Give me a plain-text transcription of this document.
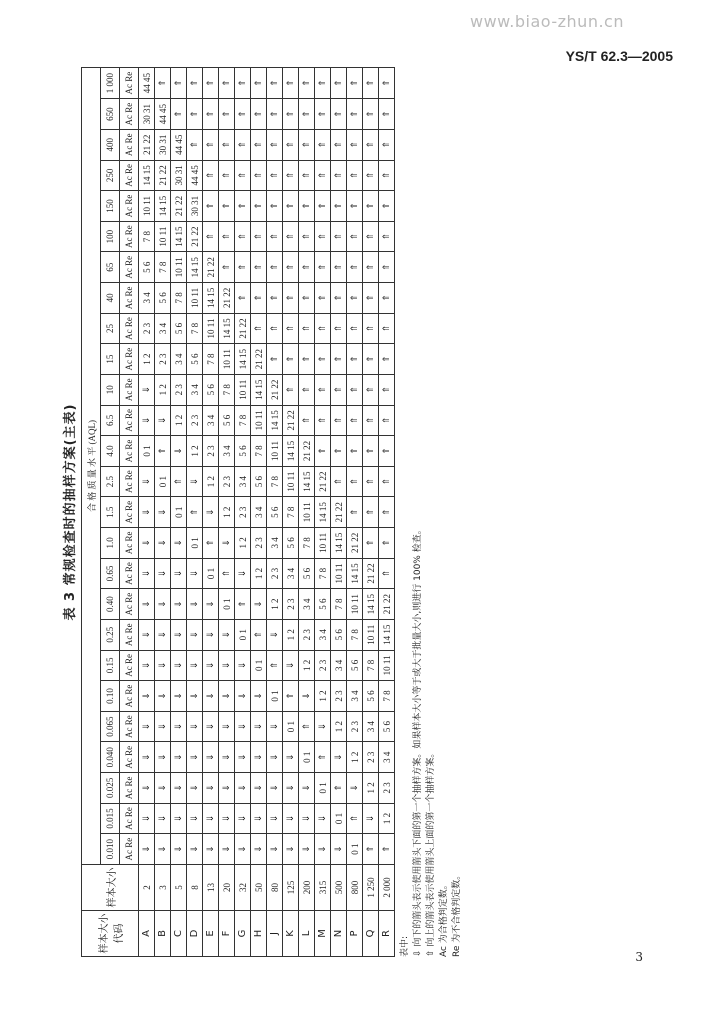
www.biao-zhun.cn
YS/T 62.3—2005
表 3 常规检查时的抽样方案(主表)
样本大小代码	样本大小	合 格 质 量 水 平 (AQL)																									
		0.010	0.015	0.025	0.040	0.065	0.10	0.15	0.25	0.40	0.65	1.0	1.5	2.5	4.0	6.5	10	15	25	40	65	100	150	250	400	650	1 000
		Ac Re	Ac Re	Ac Re	Ac Re	Ac Re	Ac Re	Ac Re	Ac Re	Ac Re	Ac Re	Ac Re	Ac Re	Ac Re	Ac Re	Ac Re	Ac Re	Ac Re	Ac Re	Ac Re	Ac Re	Ac Re	Ac Re	Ac Re	Ac Re	Ac Re	Ac Re
A	2	⇓	⇓	⇓	⇓	⇓	⇓	⇓	⇓	⇓	⇓	⇓	⇓	⇓	0 1	⇓	⇓	1 2	2 3	3 4	5 6	7 8	10 11	14 15	21 22	30 31	44 45
B	3	⇓	⇓	⇓	⇓	⇓	⇓	⇓	⇓	⇓	⇓	⇓	⇓	0 1	⇑	⇓	1 2	2 3	3 4	5 6	7 8	10 11	14 15	21 22	30 31	44 45	⇑
C	5	⇓	⇓	⇓	⇓	⇓	⇓	⇓	⇓	⇓	⇓	⇓	0 1	⇑	⇓	1 2	2 3	3 4	5 6	7 8	10 11	14 15	21 22	30 31	44 45	⇑	⇑
D	8	⇓	⇓	⇓	⇓	⇓	⇓	⇓	⇓	⇓	⇓	0 1	⇑	⇓	1 2	2 3	3 4	5 6	7 8	10 11	14 15	21 22	30 31	44 45	⇑	⇑	⇑
E	13	⇓	⇓	⇓	⇓	⇓	⇓	⇓	⇓	⇓	0 1	⇑	⇓	1 2	2 3	3 4	5 6	7 8	10 11	14 15	21 22	⇑	⇑	⇑	⇑	⇑	⇑
F	20	⇓	⇓	⇓	⇓	⇓	⇓	⇓	⇓	0 1	⇑	⇓	1 2	2 3	3 4	5 6	7 8	10 11	14 15	21 22	⇑	⇑	⇑	⇑	⇑	⇑	⇑
G	32	⇓	⇓	⇓	⇓	⇓	⇓	⇓	0 1	⇑	⇓	1 2	2 3	3 4	5 6	7 8	10 11	14 15	21 22	⇑	⇑	⇑	⇑	⇑	⇑	⇑	⇑
H	50	⇓	⇓	⇓	⇓	⇓	⇓	0 1	⇑	⇓	1 2	2 3	3 4	5 6	7 8	10 11	14 15	21 22	⇑	⇑	⇑	⇑	⇑	⇑	⇑	⇑	⇑
J	80	⇓	⇓	⇓	⇓	⇓	0 1	⇑	⇓	1 2	2 3	3 4	5 6	7 8	10 11	14 15	21 22	⇑	⇑	⇑	⇑	⇑	⇑	⇑	⇑	⇑	⇑
K	125	⇓	⇓	⇓	⇓	0 1	⇑	⇓	1 2	2 3	3 4	5 6	7 8	10 11	14 15	21 22	⇑	⇑	⇑	⇑	⇑	⇑	⇑	⇑	⇑	⇑	⇑
L	200	⇓	⇓	⇓	0 1	⇑	⇓	1 2	2 3	3 4	5 6	7 8	10 11	14 15	21 22	⇑	⇑	⇑	⇑	⇑	⇑	⇑	⇑	⇑	⇑	⇑	⇑
M	315	⇓	⇓	0 1	⇑	⇓	1 2	2 3	3 4	5 6	7 8	10 11	14 15	21 22	⇑	⇑	⇑	⇑	⇑	⇑	⇑	⇑	⇑	⇑	⇑	⇑	⇑
N	500	⇓	0 1	⇑	⇓	1 2	2 3	3 4	5 6	7 8	10 11	14 15	21 22	⇑	⇑	⇑	⇑	⇑	⇑	⇑	⇑	⇑	⇑	⇑	⇑	⇑	⇑
P	800	0 1	⇑	⇓	1 2	2 3	3 4	5 6	7 8	10 11	14 15	21 22	⇑	⇑	⇑	⇑	⇑	⇑	⇑	⇑	⇑	⇑	⇑	⇑	⇑	⇑	⇑
Q	1 250	⇑	⇓	1 2	2 3	3 4	5 6	7 8	10 11	14 15	21 22	⇑	⇑	⇑	⇑	⇑	⇑	⇑	⇑	⇑	⇑	⇑	⇑	⇑	⇑	⇑	⇑
R	2 000	⇑	1 2	2 3	3 4	5 6	7 8	10 11	14 15	21 22	⇑	⇑	⇑	⇑	⇑	⇑	⇑	⇑	⇑	⇑	⇑	⇑	⇑	⇑	⇑	⇑	⇑
表中: ⇩ 向下的箭头表示使用箭头下面的第一个抽样方案。如果样本大小等于或大于批量大小,则进行 100% 检查。 ⇧ 向上的箭头表示使用箭头上面的第一个抽样方案。 Ac 为合格判定数。 Re 为不合格判定数。	3
